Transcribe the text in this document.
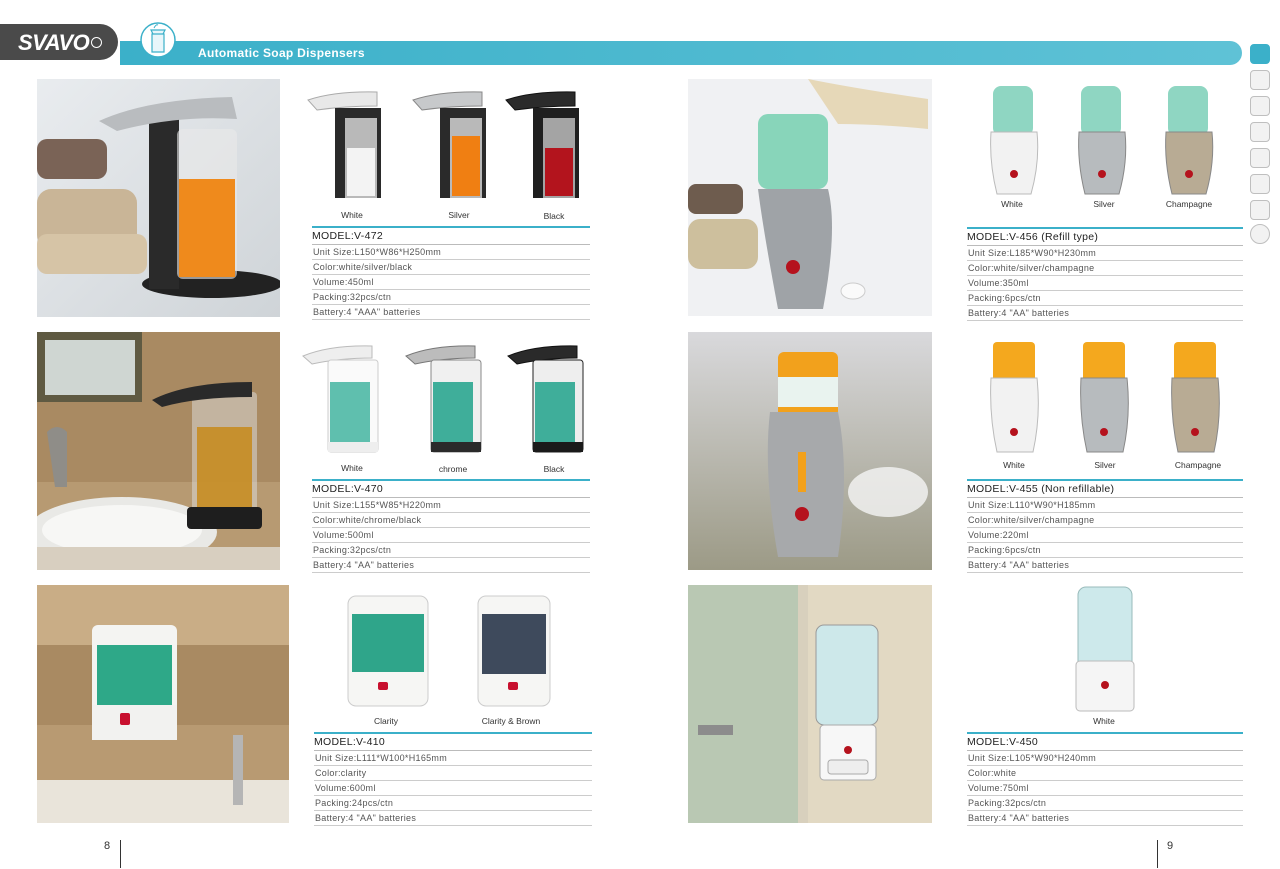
SVAVO	Automatic Soap Dispensers
White	Silver	Black
MODEL:V-472
Unit Size:L150*W86*H250mm
Color:white/silver/black
Volume:450ml
Packing:32pcs/ctn
Battery:4 "AAA" batteries
White	chrome	Black
MODEL:V-470
Unit Size:L155*W85*H220mm
Color:white/chrome/black
Volume:500ml
Packing:32pcs/ctn
Battery:4 "AA" batteries
Clarity	Clarity & Brown
MODEL:V-410
Unit Size:L111*W100*H165mm
Color:clarity
Volume:600ml
Packing:24pcs/ctn
Battery:4 "AA" batteries
White	Silver	Champagne
MODEL:V-456 (Refill type)
Unit Size:L185*W90*H230mm
Color:white/silver/champagne
Volume:350ml
Packing:6pcs/ctn
Battery:4 "AA" batteries
White	Silver	Champagne
MODEL:V-455 (Non refillable)
Unit Size:L110*W90*H185mm
Color:white/silver/champagne
Volume:220ml
Packing:6pcs/ctn
Battery:4 "AA" batteries
White
MODEL:V-450
Unit Size:L105*W90*H240mm
Color:white
Volume:750ml
Packing:32pcs/ctn
Battery:4 "AA" batteries
8	9
